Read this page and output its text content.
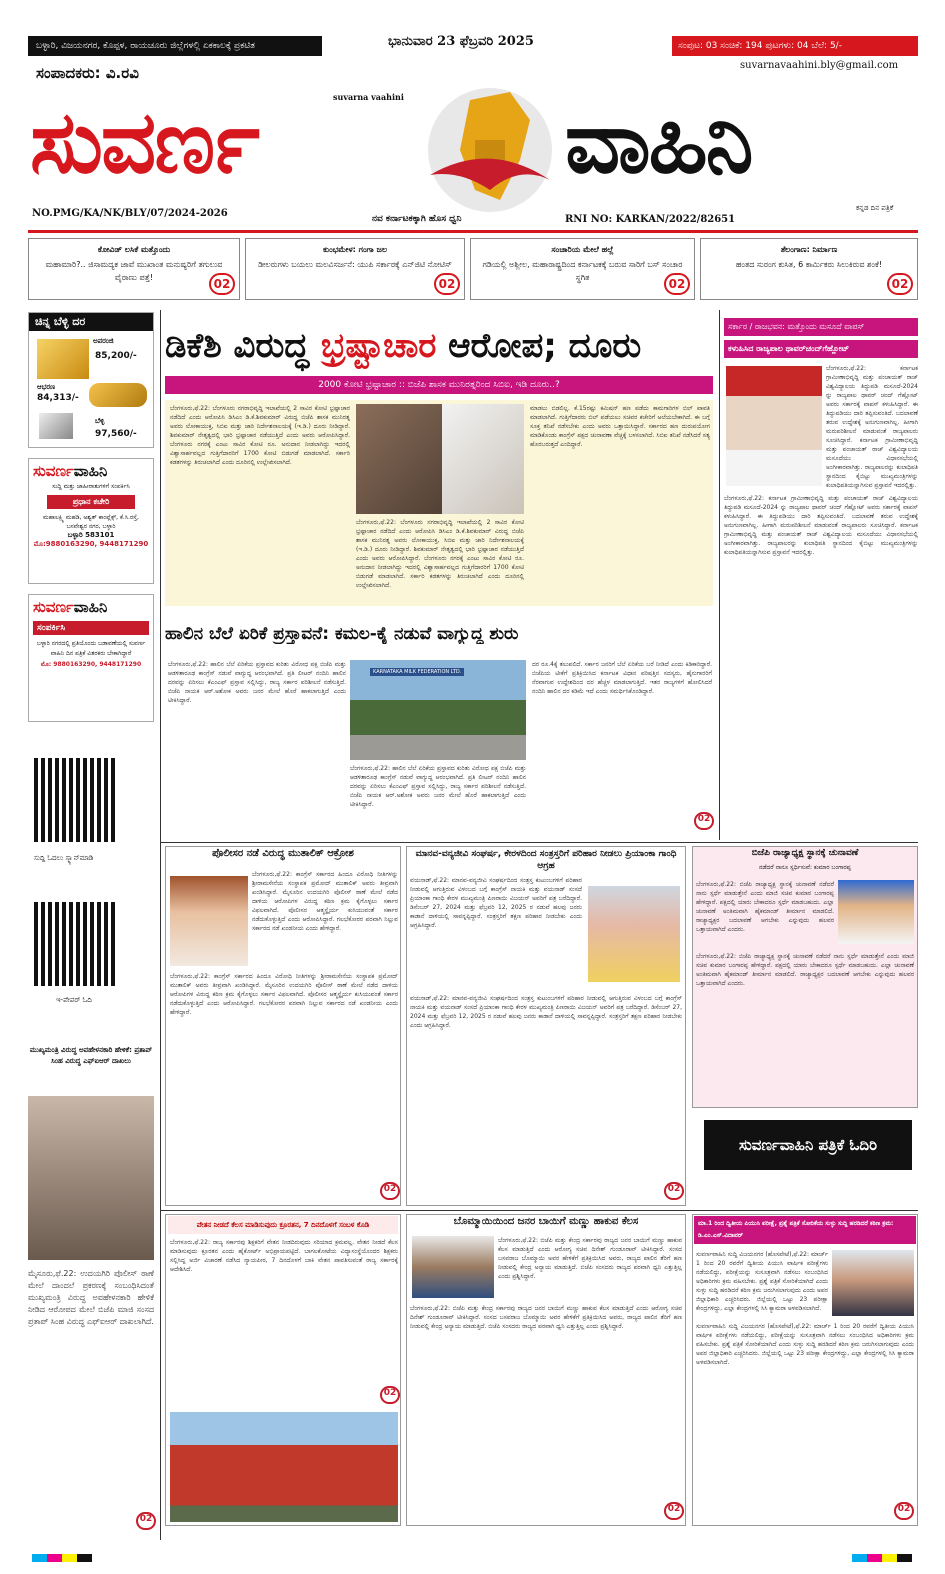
ಬಳ್ಳಾರಿ, ವಿಜಯನಗರ, ಕೊಪ್ಪಳ, ರಾಯಚೂರು ಜಿಲ್ಲೆಗಳಲ್ಲಿ ಏಕಕಾಲಕ್ಕೆ ಪ್ರಕಟಿತ	ಭಾನುವಾರ 23 ಫೆಬ್ರವರಿ 2025	ಸಂಪುಟ: 03 ಸಂಚಿಕೆ: 194 ಪುಟಗಳು: 04 ಬೆಲೆ: 5/-
ಸಂಪಾದಕರು: ವಿ.ರವಿ	suvarnavaahini.bly@gmail.com
suvarna vaahini
ಸುವರ್ಣ	ವಾಹಿನಿ
NO.PMG/KA/NK/BLY/07/2024-2026	ನವ ಕರ್ನಾಟಕಕ್ಕಾಗಿ ಹೊಸ ಧ್ವನಿ	RNI NO: KARKAN/2022/82651
ಕನ್ನಡ ದಿನ ಪತ್ರಿಕೆ
ಕೋವಿಡ್ ಲಸಿಕೆ ಮತ್ತೊಂದು
ಮಹಾಮಾರಿ?.. ಜಿಸಾಮದ್ಯಕ ಜಾವೆ ಮುಖಾಂತ ಮನುಷ್ಯರಿಗೆ ತಗುಲುವ ವೈರಾಣು ಪತ್ತೆ!	02
ಕುಂಭಮೇಳ: ಗಂಗಾ ಜಲ
ಡೀಲರುಗಳು ಬಯಲು ಮಲವಿಸರ್ಜನೆ: ಯುಪಿ ಸರ್ಕಾರಕ್ಕೆ ಎನ್‌ಜಿಟಿ ನೋಟಿಸ್
02
ಸಂಚಾರಿಯ ಮೇಲೆ ಹಲ್ಲೆ
ಗಡಿಯಲ್ಲಿ ಅಶ್ಲೀಲ, ಮಹಾರಾಷ್ಟ್ರದಿಂದ ಕರ್ನಾಟಕಕ್ಕೆ ಬರುವ ಸಾರಿಗೆ ಬಸ್ ಸಂಚಾರ ಸ್ಥಗಿತ	02
ತೆಲಂಗಾಣ: ನಿರ್ಮಾಣ
ಹಂತದ ಸುರಂಗ ಕುಸಿತ, 6 ಕಾರ್ಮಿಕರು ಸಿಲುಕಿರುವ ಶಂಕೆ!
02
ಚಿನ್ನ ಬೆಳ್ಳಿ ದರ
ಅಪರಂಜಿ
85,200/-
ಆಭರಣ
84,313/-
ಬೆಳ್ಳಿ
97,560/-
ಸುವರ್ಣವಾಹಿನಿ
ಸುದ್ದಿ ಮತ್ತು ಜಾಹೀರಾತುಗಳಿಗೆ ಸಂಪರ್ಕಿಸಿ
ಪ್ರಧಾನ ಕಚೇರಿ
ಮಹಾಲಕ್ಷ್ಮಿ ಮಹಡಿ, ಅಶ್ವತ್ ಕಾಂಪ್ಲೆಕ್ಸ್, ಕೆ.ಸಿ.ರಸ್ತೆ, ಬಸವೇಶ್ವರ ನಗರ, ಬಳ್ಳಾರಿ
ಬಳ್ಳಾರಿ 583101
ಮೊ:9880163290, 9448171290
ಸುವರ್ಣವಾಹಿನಿ
ಸಂಪರ್ಕಿಸಿ
ಬಳ್ಳಾರಿ ನಗರದಲ್ಲಿ ಪ್ರತಿಯೊಂದು ಬಡಾವಣೆಯಲ್ಲಿ ಸುವರ್ಣ ವಾಹಿನಿ ದಿನ ಪತ್ರಿಕೆ ವಿತರಕರು ಬೇಕಾಗಿದ್ದಾರೆ
ಮೊ: 9880163290, 9448171290
ಸುದ್ದಿ ಓದಲು ಸ್ಕ್ಯಾನ್‌ಮಾಡಿ
ಇ-ಪೇಪರ್ ಓದಿ
ಮುಖ್ಯಮಂತ್ರಿ ವಿರುದ್ಧ ಅವಹೇಳನಕಾರಿ ಹೇಳಿಕೆ: ಪ್ರತಾಪ್ ಸಿಂಹ ವಿರುದ್ಧ ಎಫ್‌ಐಆರ್ ದಾಖಲು
ಮೈಸೂರು,ಫೆ.22: ಉದಯಗಿರಿ ಪೊಲೀಸ್ ಠಾಣೆ ಮೇಲೆ ದಾಂದಲೆ ಪ್ರಕರಣಕ್ಕೆ ಸಂಬಂಧಿಸಿದಂತೆ ಮುಖ್ಯಮಂತ್ರಿ ವಿರುದ್ಧ ಅವಹೇಳನಕಾರಿ ಹೇಳಿಕೆ ನೀಡಿದ ಆರೋಪದ ಮೇಲೆ ಬಿಜೆಪಿ ಮಾಜಿ ಸಂಸದ ಪ್ರತಾಪ್ ಸಿಂಹ ವಿರುದ್ಧ ಎಫ್‌ಐಆರ್ ದಾಖಲಾಗಿದೆ.
02
ಡಿಕೆಶಿ ವಿರುದ್ಧ ಭ್ರಷ್ಟಾಚಾರ ಆರೋಪ; ದೂರು
2000 ಕೋಟಿ ಭ್ರಷ್ಟಾಚಾರ :: ಬಿಜೆಪಿ ಶಾಸಕ ಮುನಿರತ್ನರಿಂದ ಸಿಬಿಐ, ಇಡಿ ದೂರು..?
ಬೆಂಗಳೂರು,ಫೆ.22: ಬೆಂಗಳೂರು ನಗರಾಭಿವೃದ್ಧಿ ಇಲಾಖೆಯಲ್ಲಿ 2 ಸಾವಿರ ಕೋಟಿ ಭ್ರಷ್ಟಾಚಾರ ನಡೆದಿದೆ ಎಂದು ಆರೋಪಿಸಿ ಡಿಸಿಎಂ ಡಿ.ಕೆ.ಶಿವಕುಮಾರ್ ವಿರುದ್ಧ ಬಿಜೆಪಿ ಶಾಸಕ ಮುನಿರತ್ನ ಅವರು ಲೋಕಾಯುಕ್ತ, ಸಿಬಿಐ ಮತ್ತು ಜಾರಿ ನಿರ್ದೇಶನಾಲಯಕ್ಕೆ (ಇ.ಡಿ.) ದೂರು ನೀಡಿದ್ದಾರೆ. ಶಿವಕುಮಾರ್ ನೇತೃತ್ವದಲ್ಲಿ ಭಾರಿ ಭ್ರಷ್ಟಾಚಾರ ನಡೆಯುತ್ತಿದೆ ಎಂದು ಅವರು ಆರೋಪಿಸಿದ್ದಾರೆ. ಬೆಂಗಳೂರು ನಗರಕ್ಕೆ ಎಂಟು ಸಾವಿರ ಕೋಟಿ ರೂ. ಅನುದಾನ ನೀಡಲಾಗಿದ್ದು ಇದರಲ್ಲಿ ವಿಶ್ವಾಸಾರ್ಹವಲ್ಲದ ಗುತ್ತಿಗೆದಾರರಿಗೆ 1700 ಕೋಟಿ ಬಿಡುಗಡೆ ಮಾಡಲಾಗಿದೆ. ಸರ್ಕಾರಿ ಕಡತಗಳನ್ನು ತಿರುಚಲಾಗಿದೆ ಎಂದು ದೂರಿನಲ್ಲಿ ಉಲ್ಲೇಖಿಸಲಾಗಿದೆ.
ಬೆಂಗಳೂರು,ಫೆ.22: ಬೆಂಗಳೂರು ನಗರಾಭಿವೃದ್ಧಿ ಇಲಾಖೆಯಲ್ಲಿ 2 ಸಾವಿರ ಕೋಟಿ ಭ್ರಷ್ಟಾಚಾರ ನಡೆದಿದೆ ಎಂದು ಆರೋಪಿಸಿ ಡಿಸಿಎಂ ಡಿ.ಕೆ.ಶಿವಕುಮಾರ್ ವಿರುದ್ಧ ಬಿಜೆಪಿ ಶಾಸಕ ಮುನಿರತ್ನ ಅವರು ಲೋಕಾಯುಕ್ತ, ಸಿಬಿಐ ಮತ್ತು ಜಾರಿ ನಿರ್ದೇಶನಾಲಯಕ್ಕೆ (ಇ.ಡಿ.) ದೂರು ನೀಡಿದ್ದಾರೆ. ಶಿವಕುಮಾರ್ ನೇತೃತ್ವದಲ್ಲಿ ಭಾರಿ ಭ್ರಷ್ಟಾಚಾರ ನಡೆಯುತ್ತಿದೆ ಎಂದು ಅವರು ಆರೋಪಿಸಿದ್ದಾರೆ. ಬೆಂಗಳೂರು ನಗರಕ್ಕೆ ಎಂಟು ಸಾವಿರ ಕೋಟಿ ರೂ. ಅನುದಾನ ನೀಡಲಾಗಿದ್ದು ಇದರಲ್ಲಿ ವಿಶ್ವಾಸಾರ್ಹವಲ್ಲದ ಗುತ್ತಿಗೆದಾರರಿಗೆ 1700 ಕೋಟಿ ಬಿಡುಗಡೆ ಮಾಡಲಾಗಿದೆ. ಸರ್ಕಾರಿ ಕಡತಗಳನ್ನು ತಿರುಚಲಾಗಿದೆ ಎಂದು ದೂರಿನಲ್ಲಿ ಉಲ್ಲೇಖಿಸಲಾಗಿದೆ.
ಮಾಡಲು ಬಿಡಲಿಲ್ಲ. ಕೆ.15ರಷ್ಟು ಕಮಿಷನ್ ಹಣ ಪಡೆದು ಕಾಮಗಾರಿಗಳ ಬಿಲ್ ಪಾವತಿ ಮಾಡಲಾಗಿದೆ. ಗುತ್ತಿಗೆದಾರರು ಬಿಲ್ ಪಡೆಯಲು ಸಚಿವರ ಕಚೇರಿಗೆ ಅಲೆಯಬೇಕಾಗಿದೆ. ಈ ಬಗ್ಗೆ ಸೂಕ್ತ ತನಿಖೆ ನಡೆಸಬೇಕು ಎಂದು ಅವರು ಒತ್ತಾಯಿಸಿದ್ದಾರೆ. ಸರ್ಕಾರದ ಹಣ ದುರುಪಯೋಗ ಮಾಡಿಕೊಂಡು ಕಾಂಗ್ರೆಸ್ ಪಕ್ಷದ ಚುನಾವಣಾ ವೆಚ್ಚಕ್ಕೆ ಬಳಸಲಾಗಿದೆ. ಸಿಬಿಐ ತನಿಖೆ ನಡೆಸಿದರೆ ಸತ್ಯ ಹೊರಬರುತ್ತದೆ ಎಂದಿದ್ದಾರೆ.
ಸರ್ಕಾರ / ರಾಜಭವನ: ಮತ್ತೊಂದು ಮಸೂದೆ ವಾಪಸ್
ಕಳುಹಿಸಿದ ರಾಜ್ಯಪಾಲ ಥಾವರ್‌ಚಂದ್‌ಗೆಹ್ಲೋಟ್
ಬೆಂಗಳೂರು,ಫೆ.22: ಕರ್ನಾಟಕ ಗ್ರಾಮೀಣಾಭಿವೃದ್ಧಿ ಮತ್ತು ಪಂಚಾಯತ್ ರಾಜ್ ವಿಶ್ವವಿದ್ಯಾಲಯ ತಿದ್ದುಪಡಿ ಮಸೂದೆ-2024 ನ್ನು ರಾಜ್ಯಪಾಲ ಥಾವರ್ ಚಂದ್ ಗೆಹ್ಲೋಟ್ ಅವರು ಸರ್ಕಾರಕ್ಕೆ ವಾಪಸ್ ಕಳುಹಿಸಿದ್ದಾರೆ. ಈ ತಿದ್ದುಪಡಿಯು ದಾರಿ ತಪ್ಪಿಸುವಂತಿದೆ. ಬದಲಾವಣೆ ತರುವ ಉದ್ದೇಶಕ್ಕೆ ಅನುಗುಣವಾಗಿಲ್ಲ. ಹೀಗಾಗಿ ಮರುಪರಿಶೀಲನೆ ಮಾಡುವಂತೆ ರಾಜ್ಯಪಾಲರು ಸೂಚಿಸಿದ್ದಾರೆ. ಕರ್ನಾಟಕ ಗ್ರಾಮೀಣಾಭಿವೃದ್ಧಿ ಮತ್ತು ಪಂಚಾಯತ್ ರಾಜ್ ವಿಶ್ವವಿದ್ಯಾಲಯ ಮಸೂದೆಯು ವಿಧಾನಸಭೆಯಲ್ಲಿ ಅಂಗೀಕಾರವಾಗಿತ್ತು. ರಾಜ್ಯಪಾಲರನ್ನು ಕುಲಾಧಿಪತಿ ಸ್ಥಾನದಿಂದ ಕೈಬಿಟ್ಟು ಮುಖ್ಯಮಂತ್ರಿಗಳನ್ನು ಕುಲಾಧಿಪತಿಯನ್ನಾಗಿಸುವ ಪ್ರಸ್ತಾವನೆ ಇದರಲ್ಲಿತ್ತು.
ಬೆಂಗಳೂರು,ಫೆ.22: ಕರ್ನಾಟಕ ಗ್ರಾಮೀಣಾಭಿವೃದ್ಧಿ ಮತ್ತು ಪಂಚಾಯತ್ ರಾಜ್ ವಿಶ್ವವಿದ್ಯಾಲಯ ತಿದ್ದುಪಡಿ ಮಸೂದೆ-2024 ನ್ನು ರಾಜ್ಯಪಾಲ ಥಾವರ್ ಚಂದ್ ಗೆಹ್ಲೋಟ್ ಅವರು ಸರ್ಕಾರಕ್ಕೆ ವಾಪಸ್ ಕಳುಹಿಸಿದ್ದಾರೆ. ಈ ತಿದ್ದುಪಡಿಯು ದಾರಿ ತಪ್ಪಿಸುವಂತಿದೆ. ಬದಲಾವಣೆ ತರುವ ಉದ್ದೇಶಕ್ಕೆ ಅನುಗುಣವಾಗಿಲ್ಲ. ಹೀಗಾಗಿ ಮರುಪರಿಶೀಲನೆ ಮಾಡುವಂತೆ ರಾಜ್ಯಪಾಲರು ಸೂಚಿಸಿದ್ದಾರೆ. ಕರ್ನಾಟಕ ಗ್ರಾಮೀಣಾಭಿವೃದ್ಧಿ ಮತ್ತು ಪಂಚಾಯತ್ ರಾಜ್ ವಿಶ್ವವಿದ್ಯಾಲಯ ಮಸೂದೆಯು ವಿಧಾನಸಭೆಯಲ್ಲಿ ಅಂಗೀಕಾರವಾಗಿತ್ತು. ರಾಜ್ಯಪಾಲರನ್ನು ಕುಲಾಧಿಪತಿ ಸ್ಥಾನದಿಂದ ಕೈಬಿಟ್ಟು ಮುಖ್ಯಮಂತ್ರಿಗಳನ್ನು ಕುಲಾಧಿಪತಿಯನ್ನಾಗಿಸುವ ಪ್ರಸ್ತಾವನೆ ಇದರಲ್ಲಿತ್ತು.
ಹಾಲಿನ ಬೆಲೆ ಏರಿಕೆ ಪ್ರಸ್ತಾವನೆ: ಕಮಲ-ಕೈ ನಡುವೆ ವಾಗ್ಯುದ್ಧ ಶುರು
ಬೆಂಗಳೂರು,ಫೆ.22: ಹಾಲಿನ ಬೆಲೆ ಏರಿಕೆಯ ಪ್ರಸ್ತಾವದ ಕುರಿತು ವಿರೋಧ ಪಕ್ಷ ಬಿಜೆಪಿ ಮತ್ತು ಆಡಳಿತಾರೂಢ ಕಾಂಗ್ರೆಸ್ ನಡುವೆ ವಾಗ್ಯುದ್ಧ ಆರಂಭವಾಗಿದೆ. ಪ್ರತಿ ಲೀಟರ್ ನಂದಿನಿ ಹಾಲಿನ ದರವನ್ನು ಏರಿಸಲು ಕೆಎಂಎಫ್ ಪ್ರಸ್ತಾವ ಸಲ್ಲಿಸಿದ್ದು, ರಾಜ್ಯ ಸರ್ಕಾರ ಪರಿಶೀಲನೆ ನಡೆಸುತ್ತಿದೆ. ಬಿಜೆಪಿ ನಾಯಕ ಆರ್.ಅಶೋಕ ಅವರು ಜನರ ಮೇಲೆ ಹೊರೆ ಹಾಕಲಾಗುತ್ತಿದೆ ಎಂದು ಟೀಕಿಸಿದ್ದಾರೆ.
KARNATAKA MILK FEDERATION LTD.
ಬೆಂಗಳೂರು,ಫೆ.22: ಹಾಲಿನ ಬೆಲೆ ಏರಿಕೆಯ ಪ್ರಸ್ತಾವದ ಕುರಿತು ವಿರೋಧ ಪಕ್ಷ ಬಿಜೆಪಿ ಮತ್ತು ಆಡಳಿತಾರೂಢ ಕಾಂಗ್ರೆಸ್ ನಡುವೆ ವಾಗ್ಯುದ್ಧ ಆರಂಭವಾಗಿದೆ. ಪ್ರತಿ ಲೀಟರ್ ನಂದಿನಿ ಹಾಲಿನ ದರವನ್ನು ಏರಿಸಲು ಕೆಎಂಎಫ್ ಪ್ರಸ್ತಾವ ಸಲ್ಲಿಸಿದ್ದು, ರಾಜ್ಯ ಸರ್ಕಾರ ಪರಿಶೀಲನೆ ನಡೆಸುತ್ತಿದೆ. ಬಿಜೆಪಿ ನಾಯಕ ಆರ್.ಅಶೋಕ ಅವರು ಜನರ ಮೇಲೆ ಹೊರೆ ಹಾಕಲಾಗುತ್ತಿದೆ ಎಂದು ಟೀಕಿಸಿದ್ದಾರೆ.
ದರ ರೂ.4ಕ್ಕೆ ತಲುಪಲಿದೆ. ಸರ್ಕಾರ ಜನರಿಗೆ ಬೆಲೆ ಏರಿಕೆಯ ಬರೆ ನೀಡಿದೆ ಎಂದು ಕಿಡಿಕಾರಿದ್ದಾರೆ. ಬಿಜೆಪಿಯ ಟೀಕೆಗೆ ಪ್ರತಿಕ್ರಿಯಿಸಿದ ಕರ್ನಾಟಕ ವಿಧಾನ ಪರಿಷತ್ತಿನ ಸದಸ್ಯರು, ಹೈನುಗಾರರಿಗೆ ನೆರವಾಗುವ ಉದ್ದೇಶದಿಂದ ದರ ಹೆಚ್ಚಳ ಮಾಡಲಾಗುತ್ತಿದೆ. ಇತರ ರಾಜ್ಯಗಳಿಗೆ ಹೋಲಿಸಿದರೆ ನಂದಿನಿ ಹಾಲಿನ ದರ ಕಡಿಮೆ ಇದೆ ಎಂದು ಸಮರ್ಥಿಸಿಕೊಂಡಿದ್ದಾರೆ.
02
ಪೊಲೀಸರ ನಡೆ ವಿರುದ್ಧ ಮುತಾಲಿಕ್ ಆಕ್ರೋಶ
ಬೆಂಗಳೂರು,ಫೆ.22: ಕಾಂಗ್ರೆಸ್ ಸರ್ಕಾರದ ಹಿಂದೂ ವಿರೋಧಿ ನೀತಿಗಳನ್ನು ಶ್ರೀರಾಮಸೇನೆಯ ಸಂಸ್ಥಾಪಕ ಪ್ರಮೋದ್ ಮುತಾಲಿಕ್ ಅವರು ತೀವ್ರವಾಗಿ ಖಂಡಿಸಿದ್ದಾರೆ. ಮೈಸೂರಿನ ಉದಯಗಿರಿ ಪೊಲೀಸ್ ಠಾಣೆ ಮೇಲೆ ನಡೆದ ದಾಳಿಯ ಆರೋಪಿಗಳ ವಿರುದ್ಧ ಕಠಿಣ ಕ್ರಮ ಕೈಗೊಳ್ಳಲು ಸರ್ಕಾರ ವಿಫಲವಾಗಿದೆ. ಪೊಲೀಸರ ಆತ್ಮಸ್ಥೈರ್ಯ ಕುಸಿಯುವಂತೆ ಸರ್ಕಾರ ನಡೆದುಕೊಳ್ಳುತ್ತಿದೆ ಎಂದು ಆರೋಪಿಸಿದ್ದಾರೆ. ಗಲಭೆಕೋರರ ಪರವಾಗಿ ನಿಲ್ಲುವ ಸರ್ಕಾರದ ನಡೆ ಖಂಡನೀಯ ಎಂದು ಹೇಳಿದ್ದಾರೆ.
ಬೆಂಗಳೂರು,ಫೆ.22: ಕಾಂಗ್ರೆಸ್ ಸರ್ಕಾರದ ಹಿಂದೂ ವಿರೋಧಿ ನೀತಿಗಳನ್ನು ಶ್ರೀರಾಮಸೇನೆಯ ಸಂಸ್ಥಾಪಕ ಪ್ರಮೋದ್ ಮುತಾಲಿಕ್ ಅವರು ತೀವ್ರವಾಗಿ ಖಂಡಿಸಿದ್ದಾರೆ. ಮೈಸೂರಿನ ಉದಯಗಿರಿ ಪೊಲೀಸ್ ಠಾಣೆ ಮೇಲೆ ನಡೆದ ದಾಳಿಯ ಆರೋಪಿಗಳ ವಿರುದ್ಧ ಕಠಿಣ ಕ್ರಮ ಕೈಗೊಳ್ಳಲು ಸರ್ಕಾರ ವಿಫಲವಾಗಿದೆ. ಪೊಲೀಸರ ಆತ್ಮಸ್ಥೈರ್ಯ ಕುಸಿಯುವಂತೆ ಸರ್ಕಾರ ನಡೆದುಕೊಳ್ಳುತ್ತಿದೆ ಎಂದು ಆರೋಪಿಸಿದ್ದಾರೆ. ಗಲಭೆಕೋರರ ಪರವಾಗಿ ನಿಲ್ಲುವ ಸರ್ಕಾರದ ನಡೆ ಖಂಡನೀಯ ಎಂದು ಹೇಳಿದ್ದಾರೆ.
02
ಮಾನವ-ವನ್ಯಜೀವಿ ಸಂಘರ್ಷ, ಕೇರಳದಿಂದ ಸಂತ್ರಸ್ತರಿಗೆ ಪರಿಹಾರ ನೀಡಲು ಪ್ರಿಯಾಂಕಾ ಗಾಂಧಿ ಆಗ್ರಹ
ವಯನಾಡ್,ಫೆ.22: ಮಾನವ-ವನ್ಯಜೀವಿ ಸಂಘರ್ಷದಿಂದ ಸಂತ್ರಸ್ತ ಕುಟುಂಬಗಳಿಗೆ ಪರಿಹಾರ ನೀಡುವಲ್ಲಿ ಆಗುತ್ತಿರುವ ವಿಳಂಬದ ಬಗ್ಗೆ ಕಾಂಗ್ರೆಸ್ ನಾಯಕಿ ಮತ್ತು ವಯನಾಡ್ ಸಂಸದೆ ಪ್ರಿಯಾಂಕಾ ಗಾಂಧಿ ಕೇರಳ ಮುಖ್ಯಮಂತ್ರಿ ಪಿಣರಾಯಿ ವಿಜಯನ್ ಅವರಿಗೆ ಪತ್ರ ಬರೆದಿದ್ದಾರೆ. ಡಿಸೆಂಬರ್ 27, 2024 ಮತ್ತು ಫೆಬ್ರವರಿ 12, 2025 ರ ನಡುವೆ ಹಲವು ಜನರು ಕಾಡಾನೆ ದಾಳಿಯಲ್ಲಿ ಸಾವನ್ನಪ್ಪಿದ್ದಾರೆ. ಸಂತ್ರಸ್ತರಿಗೆ ತಕ್ಷಣ ಪರಿಹಾರ ನೀಡಬೇಕು ಎಂದು ಆಗ್ರಹಿಸಿದ್ದಾರೆ.
ವಯನಾಡ್,ಫೆ.22: ಮಾನವ-ವನ್ಯಜೀವಿ ಸಂಘರ್ಷದಿಂದ ಸಂತ್ರಸ್ತ ಕುಟುಂಬಗಳಿಗೆ ಪರಿಹಾರ ನೀಡುವಲ್ಲಿ ಆಗುತ್ತಿರುವ ವಿಳಂಬದ ಬಗ್ಗೆ ಕಾಂಗ್ರೆಸ್ ನಾಯಕಿ ಮತ್ತು ವಯನಾಡ್ ಸಂಸದೆ ಪ್ರಿಯಾಂಕಾ ಗಾಂಧಿ ಕೇರಳ ಮುಖ್ಯಮಂತ್ರಿ ಪಿಣರಾಯಿ ವಿಜಯನ್ ಅವರಿಗೆ ಪತ್ರ ಬರೆದಿದ್ದಾರೆ. ಡಿಸೆಂಬರ್ 27, 2024 ಮತ್ತು ಫೆಬ್ರವರಿ 12, 2025 ರ ನಡುವೆ ಹಲವು ಜನರು ಕಾಡಾನೆ ದಾಳಿಯಲ್ಲಿ ಸಾವನ್ನಪ್ಪಿದ್ದಾರೆ. ಸಂತ್ರಸ್ತರಿಗೆ ತಕ್ಷಣ ಪರಿಹಾರ ನೀಡಬೇಕು ಎಂದು ಆಗ್ರಹಿಸಿದ್ದಾರೆ.
02
ಬಿಜೆಪಿ ರಾಜ್ಯಾಧ್ಯಕ್ಷ ಸ್ಥಾನಕ್ಕೆ ಚುನಾವಣೆ
ನಡೆದರೆ ನಾನೂ ಸ್ಪರ್ಧಿಸುವೆ: ಕುಮಾರ ಬಂಗಾರಪ್ಪ
ಬೆಂಗಳೂರು,ಫೆ.22: ಬಿಜೆಪಿ ರಾಜ್ಯಾಧ್ಯಕ್ಷ ಸ್ಥಾನಕ್ಕೆ ಚುನಾವಣೆ ನಡೆದರೆ ನಾನು ಸ್ಪರ್ಧೆ ಮಾಡುತ್ತೇನೆ ಎಂದು ಮಾಜಿ ಸಚಿವ ಕುಮಾರ ಬಂಗಾರಪ್ಪ ಹೇಳಿದ್ದಾರೆ. ಪಕ್ಷದಲ್ಲಿ ಯಾರು ಬೇಕಾದರೂ ಸ್ಪರ್ಧೆ ಮಾಡಬಹುದು. ಎಲ್ಲಾ ಚುನಾವಣೆ ಅಂತಿಮವಾಗಿ ಹೈಕಮಾಂಡ್ ತೀರ್ಮಾನ ಮಾಡಲಿದೆ. ರಾಜ್ಯಾಧ್ಯಕ್ಷರ ಬದಲಾವಣೆ ಆಗಬೇಕು ಎನ್ನುವುದು ಹಲವರ ಒತ್ತಾಯವಾಗಿದೆ ಎಂದರು.
ಬೆಂಗಳೂರು,ಫೆ.22: ಬಿಜೆಪಿ ರಾಜ್ಯಾಧ್ಯಕ್ಷ ಸ್ಥಾನಕ್ಕೆ ಚುನಾವಣೆ ನಡೆದರೆ ನಾನು ಸ್ಪರ್ಧೆ ಮಾಡುತ್ತೇನೆ ಎಂದು ಮಾಜಿ ಸಚಿವ ಕುಮಾರ ಬಂಗಾರಪ್ಪ ಹೇಳಿದ್ದಾರೆ. ಪಕ್ಷದಲ್ಲಿ ಯಾರು ಬೇಕಾದರೂ ಸ್ಪರ್ಧೆ ಮಾಡಬಹುದು. ಎಲ್ಲಾ ಚುನಾವಣೆ ಅಂತಿಮವಾಗಿ ಹೈಕಮಾಂಡ್ ತೀರ್ಮಾನ ಮಾಡಲಿದೆ. ರಾಜ್ಯಾಧ್ಯಕ್ಷರ ಬದಲಾವಣೆ ಆಗಬೇಕು ಎನ್ನುವುದು ಹಲವರ ಒತ್ತಾಯವಾಗಿದೆ ಎಂದರು.
ಸುವರ್ಣವಾಹಿನಿ ಪತ್ರಿಕೆ ಓದಿರಿ
ವೇತನ ನೀಡದೆ ಕೆಲಸ ಮಾಡಿಸುವುದು ಕ್ರೂರತನ, 7 ದಿನದೊಳಗೆ ಸಂಬಳ ಕೊಡಿ
ಬೆಂಗಳೂರು,ಫೆ.22: ರಾಜ್ಯ ಸರ್ಕಾರವು ಶಿಕ್ಷಕರಿಗೆ ವೇತನ ನೀಡದಿರುವುದು ಸರಿಯಾದ ಕ್ರಮವಲ್ಲ. ವೇತನ ನೀಡದೆ ಕೆಲಸ ಮಾಡಿಸುವುದು ಕ್ರೂರತನ ಎಂದು ಹೈಕೋರ್ಟ್ ಅಭಿಪ್ರಾಯಪಟ್ಟಿದೆ. ಬಾಗಲಕೋಟೆಯ ವಿದ್ಯಾಸಂಸ್ಥೆಯೊಂದರ ಶಿಕ್ಷಕರು ಸಲ್ಲಿಸಿದ್ದ ಅರ್ಜಿ ವಿಚಾರಣೆ ನಡೆಸಿದ ನ್ಯಾಯಪೀಠ, 7 ದಿನದೊಳಗೆ ಬಾಕಿ ವೇತನ ಪಾವತಿಸುವಂತೆ ರಾಜ್ಯ ಸರ್ಕಾರಕ್ಕೆ ಆದೇಶಿಸಿದೆ.
02
ಬೊಮ್ಮಾಯಿಯಿಂದ ಜನರ ಬಾಯಿಗೆ ಮಣ್ಣು ಹಾಕುವ ಕೆಲಸ
ಬೆಂಗಳೂರು,ಫೆ.22: ಬಿಜೆಪಿ ಮತ್ತು ಕೇಂದ್ರ ಸರ್ಕಾರವು ರಾಜ್ಯದ ಜನರ ಬಾಯಿಗೆ ಮಣ್ಣು ಹಾಕುವ ಕೆಲಸ ಮಾಡುತ್ತಿದೆ ಎಂದು ಆರೋಗ್ಯ ಸಚಿವ ದಿನೇಶ್ ಗುಂಡೂರಾವ್ ಟೀಕಿಸಿದ್ದಾರೆ. ಸಂಸದ ಬಸವರಾಜ ಬೊಮ್ಮಾಯಿ ಅವರ ಹೇಳಿಕೆಗೆ ಪ್ರತಿಕ್ರಿಯಿಸಿದ ಅವರು, ರಾಜ್ಯದ ಪಾಲಿನ ತೆರಿಗೆ ಹಣ ನೀಡುವಲ್ಲಿ ಕೇಂದ್ರ ಅನ್ಯಾಯ ಮಾಡುತ್ತಿದೆ. ಬಿಜೆಪಿ ಸಂಸದರು ರಾಜ್ಯದ ಪರವಾಗಿ ಧ್ವನಿ ಎತ್ತುತ್ತಿಲ್ಲ ಎಂದು ಪ್ರಶ್ನಿಸಿದ್ದಾರೆ.
ಬೆಂಗಳೂರು,ಫೆ.22: ಬಿಜೆಪಿ ಮತ್ತು ಕೇಂದ್ರ ಸರ್ಕಾರವು ರಾಜ್ಯದ ಜನರ ಬಾಯಿಗೆ ಮಣ್ಣು ಹಾಕುವ ಕೆಲಸ ಮಾಡುತ್ತಿದೆ ಎಂದು ಆರೋಗ್ಯ ಸಚಿವ ದಿನೇಶ್ ಗುಂಡೂರಾವ್ ಟೀಕಿಸಿದ್ದಾರೆ. ಸಂಸದ ಬಸವರಾಜ ಬೊಮ್ಮಾಯಿ ಅವರ ಹೇಳಿಕೆಗೆ ಪ್ರತಿಕ್ರಿಯಿಸಿದ ಅವರು, ರಾಜ್ಯದ ಪಾಲಿನ ತೆರಿಗೆ ಹಣ ನೀಡುವಲ್ಲಿ ಕೇಂದ್ರ ಅನ್ಯಾಯ ಮಾಡುತ್ತಿದೆ. ಬಿಜೆಪಿ ಸಂಸದರು ರಾಜ್ಯದ ಪರವಾಗಿ ಧ್ವನಿ ಎತ್ತುತ್ತಿಲ್ಲ ಎಂದು ಪ್ರಶ್ನಿಸಿದ್ದಾರೆ.
02
ಮಾ.1 ರಿಂದ ದ್ವಿತೀಯ ಪಿಯುಸಿ ಪರೀಕ್ಷೆ, ಪ್ರಶ್ನೆ ಪತ್ರಿಕೆ ಸೋರಿಕೆಯ ಸುಳ್ಳು ಸುದ್ದಿ ಹರಡಿದರೆ ಕಠಿಣ ಕ್ರಮ: ಡಿ.ಎಂ.ಎಸ್.ವಿದಾವರ್
ಸುವರ್ಣವಾಹಿನಿ ಸುದ್ದಿ ವಿಜಯನಗರ (ಹೊಸಪೇಟೆ),ಫೆ.22: ಮಾರ್ಚ್ 1 ರಿಂದ 20 ರವರೆಗೆ ದ್ವಿತೀಯ ಪಿಯುಸಿ ವಾರ್ಷಿಕ ಪರೀಕ್ಷೆಗಳು ನಡೆಯಲಿದ್ದು, ಪರೀಕ್ಷೆಯನ್ನು ಸುಸೂತ್ರವಾಗಿ ನಡೆಸಲು ಸಂಬಂಧಿಸಿದ ಅಧಿಕಾರಿಗಳು ಕ್ರಮ ವಹಿಸಬೇಕು. ಪ್ರಶ್ನೆ ಪತ್ರಿಕೆ ಸೋರಿಕೆಯಾಗಿದೆ ಎಂದು ಸುಳ್ಳು ಸುದ್ದಿ ಹರಡಿದರೆ ಕಠಿಣ ಕ್ರಮ ಜರುಗಿಸಲಾಗುವುದು ಎಂದು ಅಪರ ಜಿಲ್ಲಾಧಿಕಾರಿ ಎಚ್ಚರಿಸಿದರು. ಜಿಲ್ಲೆಯಲ್ಲಿ ಒಟ್ಟು 23 ಪರೀಕ್ಷಾ ಕೇಂದ್ರಗಳಿದ್ದು, ಎಲ್ಲಾ ಕೇಂದ್ರಗಳಲ್ಲಿ ಸಿಸಿ ಕ್ಯಾಮರಾ ಅಳವಡಿಸಲಾಗಿದೆ.
ಸುವರ್ಣವಾಹಿನಿ ಸುದ್ದಿ ವಿಜಯನಗರ (ಹೊಸಪೇಟೆ),ಫೆ.22: ಮಾರ್ಚ್ 1 ರಿಂದ 20 ರವರೆಗೆ ದ್ವಿತೀಯ ಪಿಯುಸಿ ವಾರ್ಷಿಕ ಪರೀಕ್ಷೆಗಳು ನಡೆಯಲಿದ್ದು, ಪರೀಕ್ಷೆಯನ್ನು ಸುಸೂತ್ರವಾಗಿ ನಡೆಸಲು ಸಂಬಂಧಿಸಿದ ಅಧಿಕಾರಿಗಳು ಕ್ರಮ ವಹಿಸಬೇಕು. ಪ್ರಶ್ನೆ ಪತ್ರಿಕೆ ಸೋರಿಕೆಯಾಗಿದೆ ಎಂದು ಸುಳ್ಳು ಸುದ್ದಿ ಹರಡಿದರೆ ಕಠಿಣ ಕ್ರಮ ಜರುಗಿಸಲಾಗುವುದು ಎಂದು ಅಪರ ಜಿಲ್ಲಾಧಿಕಾರಿ ಎಚ್ಚರಿಸಿದರು. ಜಿಲ್ಲೆಯಲ್ಲಿ ಒಟ್ಟು 23 ಪರೀಕ್ಷಾ ಕೇಂದ್ರಗಳಿದ್ದು, ಎಲ್ಲಾ ಕೇಂದ್ರಗಳಲ್ಲಿ ಸಿಸಿ ಕ್ಯಾಮರಾ ಅಳವಡಿಸಲಾಗಿದೆ.
02
